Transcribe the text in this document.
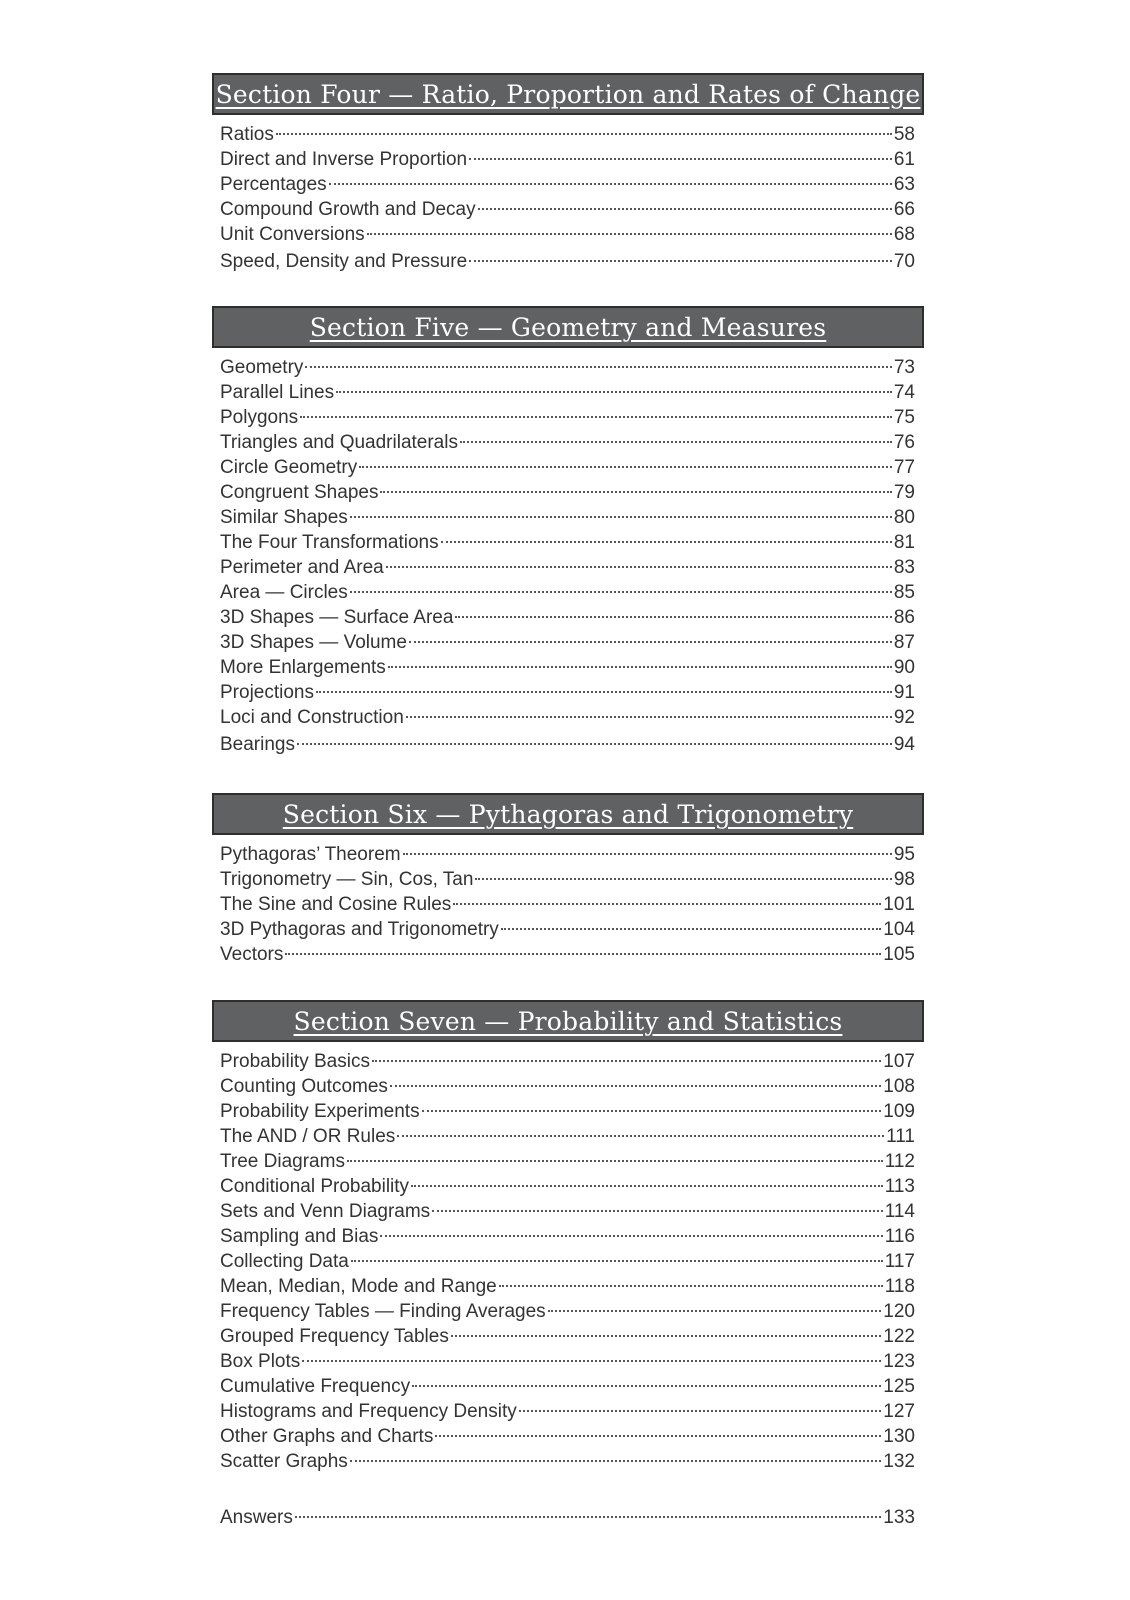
Section Four — Ratio, Proportion and Rates of Change
Ratios	58
Direct and Inverse Proportion	61
Percentages	63
Compound Growth and Decay	66
Unit Conversions	68
Speed, Density and Pressure	70
Section Five — Geometry and Measures
Geometry	73
Parallel Lines	74
Polygons	75
Triangles and Quadrilaterals	76
Circle Geometry	77
Congruent Shapes	79
Similar Shapes	80
The Four Transformations	81
Perimeter and Area	83
Area — Circles	85
3D Shapes — Surface Area	86
3D Shapes — Volume	87
More Enlargements	90
Projections	91
Loci and Construction	92
Bearings	94
Section Six — Pythagoras and Trigonometry
Pythagoras’ Theorem	95
Trigonometry — Sin, Cos, Tan	98
The Sine and Cosine Rules	101
3D Pythagoras and Trigonometry	104
Vectors	105
Section Seven — Probability and Statistics
Probability Basics	107
Counting Outcomes	108
Probability Experiments	109
The AND / OR Rules	111
Tree Diagrams	112
Conditional Probability	113
Sets and Venn Diagrams	114
Sampling and Bias	116
Collecting Data	117
Mean, Median, Mode and Range	118
Frequency Tables — Finding Averages	120
Grouped Frequency Tables	122
Box Plots	123
Cumulative Frequency	125
Histograms and Frequency Density	127
Other Graphs and Charts	130
Scatter Graphs	132
Answers	133
